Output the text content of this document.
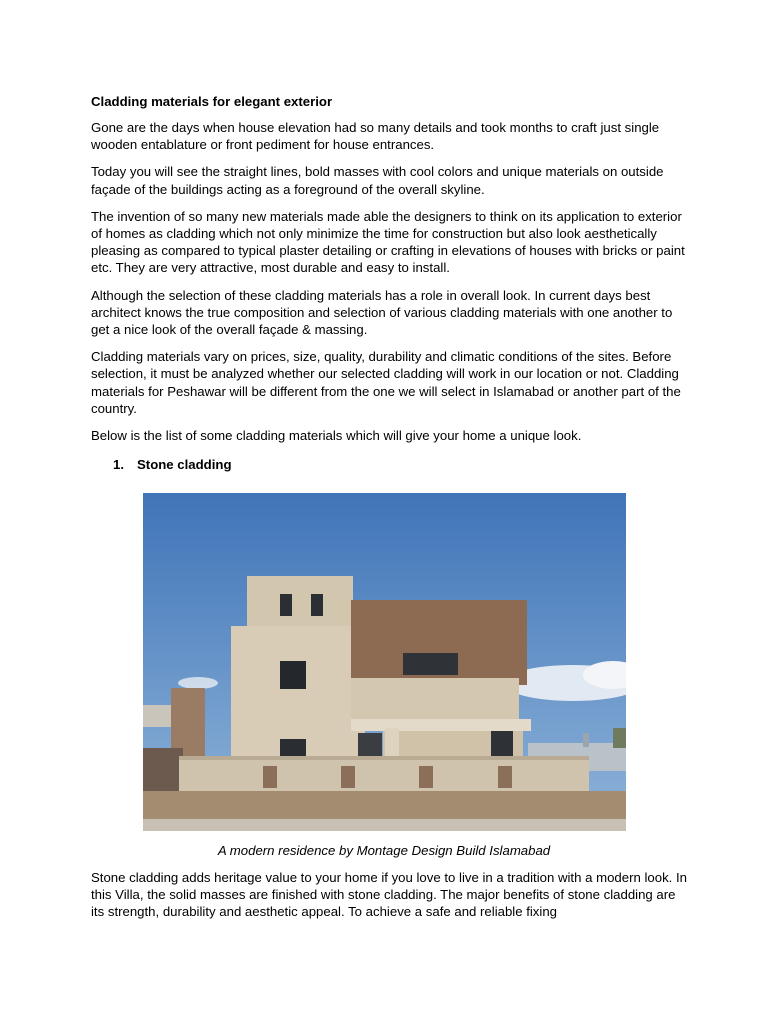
Cladding materials for elegant exterior

Gone are the days when house elevation had so many details and took months to craft just single wooden entablature or front pediment for house entrances.

Today you will see the straight lines, bold masses with cool colors and unique materials on outside façade of the buildings acting as a foreground of the overall skyline.

The invention of so many new materials made able the designers to think on its application to exterior of homes as cladding which not only minimize the time for construction but also look aesthetically pleasing as compared to typical plaster detailing or crafting in elevations of houses with bricks or paint etc. They are very attractive, most durable and easy to install.

Although the selection of these cladding materials has a role in overall look. In current days best architect knows the true composition and selection of various cladding materials with one another to get a nice look of the overall façade & massing.

Cladding materials vary on prices, size, quality, durability and climatic conditions of the sites. Before selection, it must be analyzed whether our selected cladding will work in our location or not. Cladding materials for Peshawar will be different from the one we will select in Islamabad or another part of the country.

Below is the list of some cladding materials which will give your home a unique look.

1. Stone cladding
A modern residence by Montage Design Build Islamabad
Stone cladding adds heritage value to your home if you love to live in a tradition with a modern look. In this Villa, the solid masses are finished with stone cladding. The major benefits of stone cladding are its strength, durability and aesthetic appeal. To achieve a safe and reliable fixing
